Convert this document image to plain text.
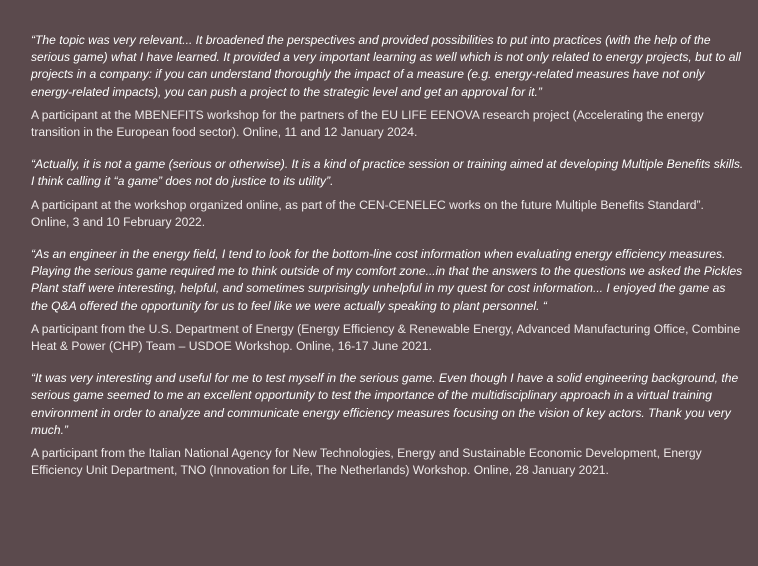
“The topic was very relevant... It broadened the perspectives and provided possibilities to put into practices (with the help of the serious game) what I have learned. It provided a very important learning as well which is not only related to energy projects, but to all projects in a company: if you can understand thoroughly the impact of a measure (e.g. energy-related measures have not only energy-related impacts), you can push a project to the strategic level and get an approval for it.”

A participant at the MBENEFITS workshop for the partners of the EU LIFE EENOVA research project (Accelerating the energy transition in the European food sector). Online, 11 and 12 January 2024.

“Actually, it is not a game (serious or otherwise). It is a kind of practice session or training aimed at developing Multiple Benefits skills. I think calling it “a game” does not do justice to its utility”.

A participant at the workshop organized online, as part of the CEN-CENELEC works on the future Multiple Benefits Standard”. Online, 3 and 10 February 2022.

“As an engineer in the energy field, I tend to look for the bottom-line cost information when evaluating energy efficiency measures. Playing the serious game required me to think outside of my comfort zone...in that the answers to the questions we asked the Pickles Plant staff were interesting, helpful, and sometimes surprisingly unhelpful in my quest for cost information... I enjoyed the game as the Q&A offered the opportunity for us to feel like we were actually speaking to plant personnel. “

A participant from the U.S. Department of Energy (Energy Efficiency & Renewable Energy, Advanced Manufacturing Office, Combine Heat & Power (CHP) Team – USDOE Workshop. Online, 16-17 June 2021.

“It was very interesting and useful for me to test myself in the serious game. Even though I have a solid engineering background, the serious game seemed to me an excellent opportunity to test the importance of the multidisciplinary approach in a virtual training environment in order to analyze and communicate energy efficiency measures focusing on the vision of key actors. Thank you very much.”

A participant from the Italian National Agency for New Technologies, Energy and Sustainable Economic Development, Energy Efficiency Unit Department, TNO (Innovation for Life, The Netherlands) Workshop. Online, 28 January 2021.
